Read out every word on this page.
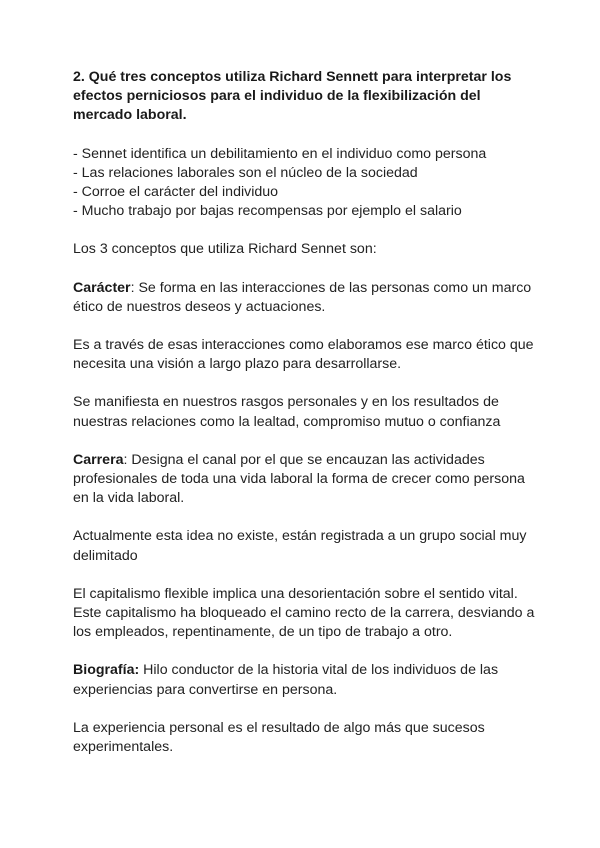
2. Qué tres conceptos utiliza Richard Sennett para interpretar los efectos perniciosos para el individuo de la flexibilización del mercado laboral.
- Sennet identifica un debilitamiento en el individuo como persona
- Las relaciones laborales son el núcleo de la sociedad
- Corroe el carácter del individuo
- Mucho trabajo por bajas recompensas por ejemplo el salario

Los 3 conceptos que utiliza Richard Sennet son:

Carácter: Se forma en las interacciones de las personas como un marco ético de nuestros deseos y actuaciones.

Es a través de esas interacciones como elaboramos ese marco ético que necesita una visión a largo plazo para desarrollarse.

Se manifiesta en nuestros rasgos personales y en los resultados de nuestras relaciones como la lealtad, compromiso mutuo o confianza

Carrera: Designa el canal por el que se encauzan las actividades profesionales de toda una vida laboral la forma de crecer como persona en la vida laboral.

Actualmente esta idea no existe, están registrada a un grupo social muy delimitado

El capitalismo flexible implica una desorientación sobre el sentido vital. Este capitalismo ha bloqueado el camino recto de la carrera, desviando a los empleados, repentinamente, de un tipo de trabajo a otro.

Biografía: Hilo conductor de la historia vital de los individuos de las experiencias para convertirse en persona.

La experiencia personal es el resultado de algo más que sucesos experimentales.
